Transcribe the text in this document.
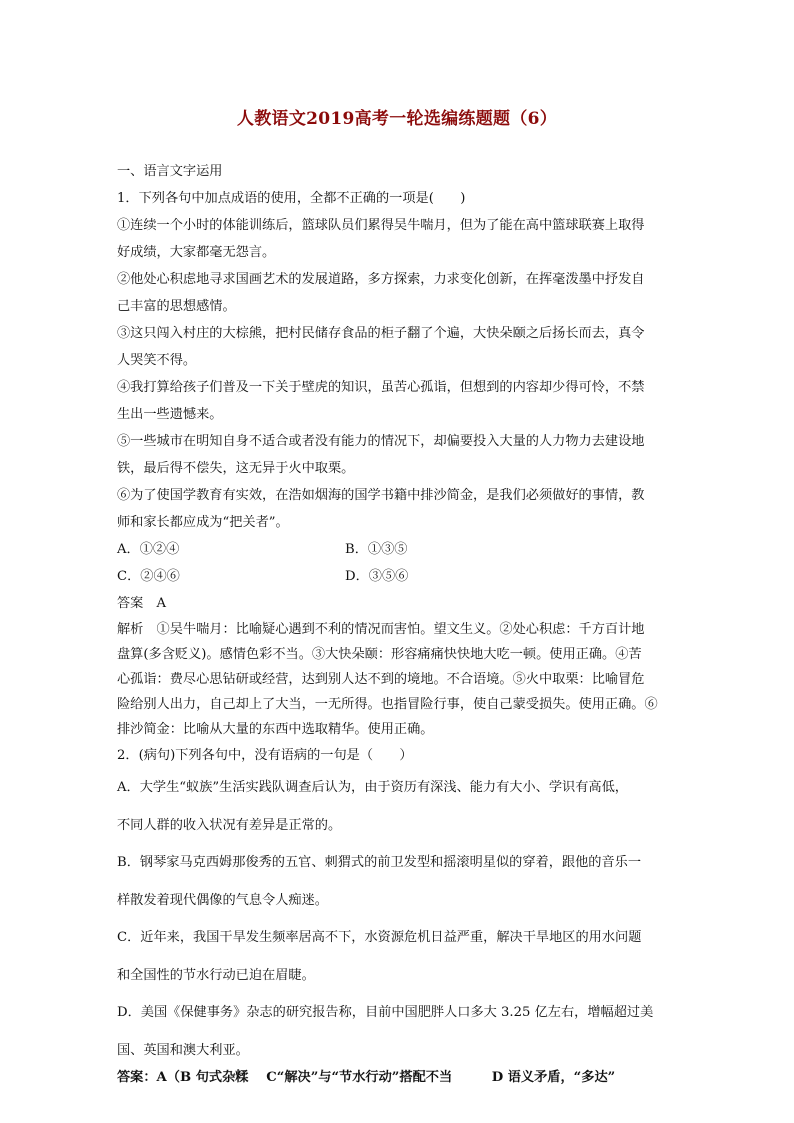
人教语文2019高考一轮选编练题题（6）
一、语言文字运用
1．下列各句中加点成语的使用，全都不正确的一项是(　　)
①连续一个小时的体能训练后，篮球队员们累得吴牛喘月，但为了能在高中篮球联赛上取得
好成绩，大家都毫无怨言。
②他处心积虑地寻求国画艺术的发展道路，多方探索，力求变化创新，在挥毫泼墨中抒发自
己丰富的思想感情。
③这只闯入村庄的大棕熊，把村民储存食品的柜子翻了个遍，大快朵颐之后扬长而去，真令
人哭笑不得。
④我打算给孩子们普及一下关于壁虎的知识，虽苦心孤诣，但想到的内容却少得可怜，不禁
生出一些遗憾来。
⑤一些城市在明知自身不适合或者没有能力的情况下，却偏要投入大量的人力物力去建设地
铁，最后得不偿失，这无异于火中取栗。
⑥为了使国学教育有实效，在浩如烟海的国学书籍中排沙简金，是我们必须做好的事情，教
师和家长都应成为“把关者”。
A．①②④	B．①③⑤
C．②④⑥	D．③⑤⑥
答案　A
解析　①吴牛喘月：比喻疑心遇到不利的情况而害怕。望文生义。②处心积虑：千方百计地
盘算(多含贬义)。感情色彩不当。③大快朵颐：形容痛痛快快地大吃一顿。使用正确。④苦
心孤诣：费尽心思钻研或经营，达到别人达不到的境地。不合语境。⑤火中取栗：比喻冒危
险给别人出力，自己却上了大当，一无所得。也指冒险行事，使自己蒙受损失。使用正确。⑥
排沙简金：比喻从大量的东西中选取精华。使用正确。
2．(病句)下列各句中，没有语病的一句是（　　）
A．大学生“蚁族”生活实践队调查后认为，由于资历有深浅、能力有大小、学识有高低，
不同人群的收入状况有差异是正常的。
B．钢琴家马克西姆那俊秀的五官、刺猬式的前卫发型和摇滚明星似的穿着，跟他的音乐一
样散发着现代偶像的气息令人痴迷。
C．近年来，我国干旱发生频率居高不下，水资源危机日益严重，解决干旱地区的用水问题
和全国性的节水行动已迫在眉睫。
D．美国《保健事务》杂志的研究报告称，目前中国肥胖人口多大 3.25 亿左右，增幅超过美
国、英国和澳大利亚。
答案：A（B 句式杂糅　 C“解决”与“节水行动”搭配不当　　　D 语义矛盾，“多达”
